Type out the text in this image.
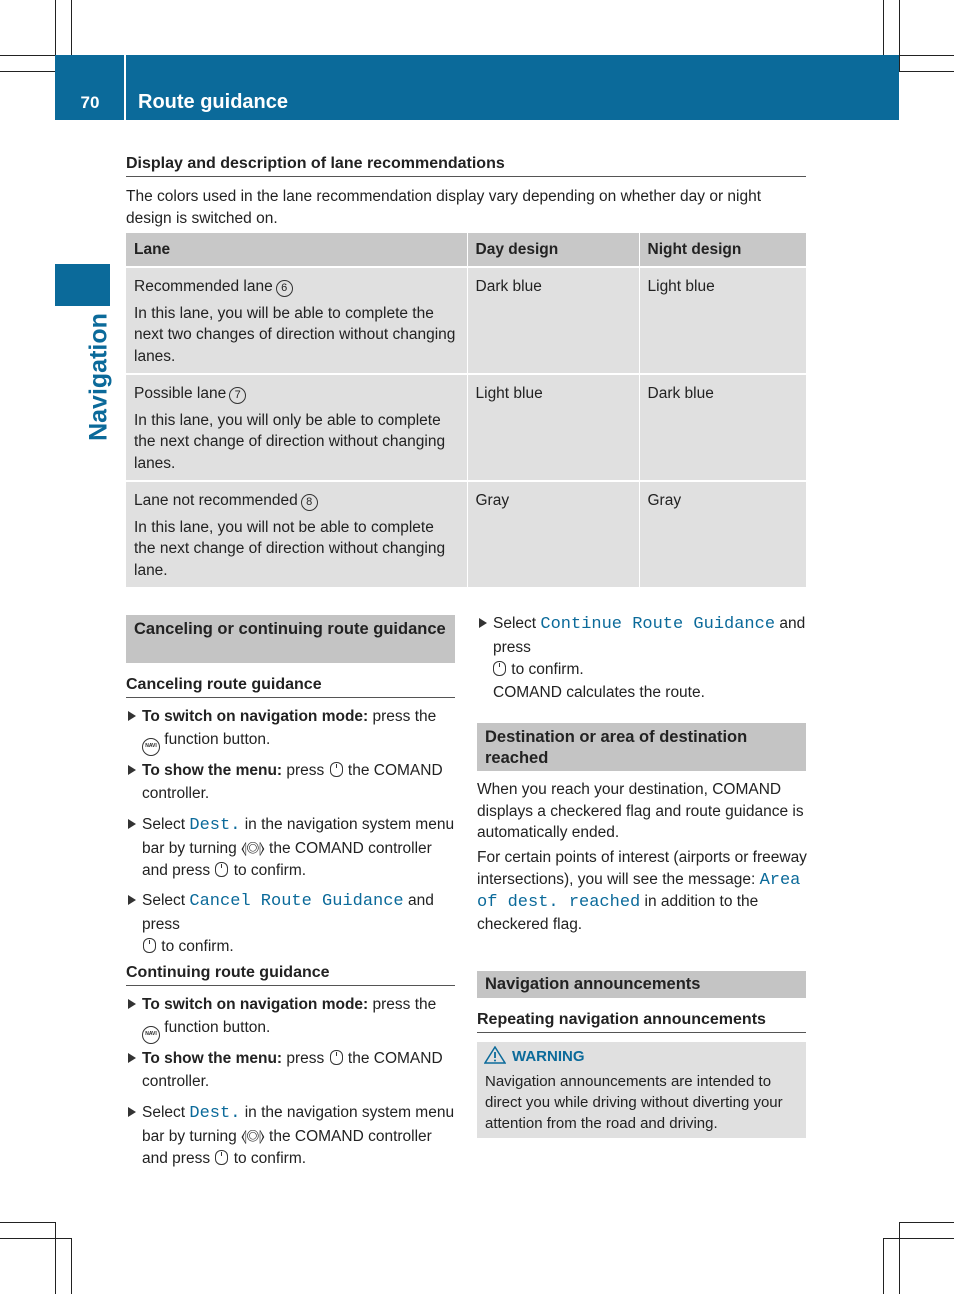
70	Route guidance
Navigation
Display and description of lane recommendations
The colors used in the lane recommendation display vary depending on whether day or night design is switched on.
Lane	Day design	Night design

Recommended lane 6

In this lane, you will be able to complete the next two changes of direction without changing lanes.	Dark blue	Light blue

Possible lane 7

In this lane, you will only be able to complete the next change of direction without changing lanes.	Light blue	Dark blue

Lane not recommended 8

In this lane, you will not be able to complete the next change of direction without changing lane.	Gray	Gray
Canceling or continuing route guidance
Canceling route guidance
To switch on navigation mode: press the
NAVI function button.
To show the menu: press  the COMAND controller.
Select Dest. in the navigation system menu bar by turning ⦉◎⦊ the COMAND controller and press  to confirm.
Select Cancel Route Guidance and press
to confirm.
Continuing route guidance
To switch on navigation mode: press the
NAVI function button.
To show the menu: press  the COMAND controller.
Select Dest. in the navigation system menu bar by turning ⦉◎⦊ the COMAND controller and press  to confirm.
Select Continue Route Guidance and press
to confirm.
COMAND calculates the route.
Destination or area of destination reached
When you reach your destination, COMAND displays a checkered flag and route guidance is automatically ended.
For certain points of interest (airports or freeway intersections), you will see the message: Area of dest. reached in addition to the checkered flag.
Navigation announcements
Repeating navigation announcements
WARNING
Navigation announcements are intended to direct you while driving without diverting your attention from the road and driving.
